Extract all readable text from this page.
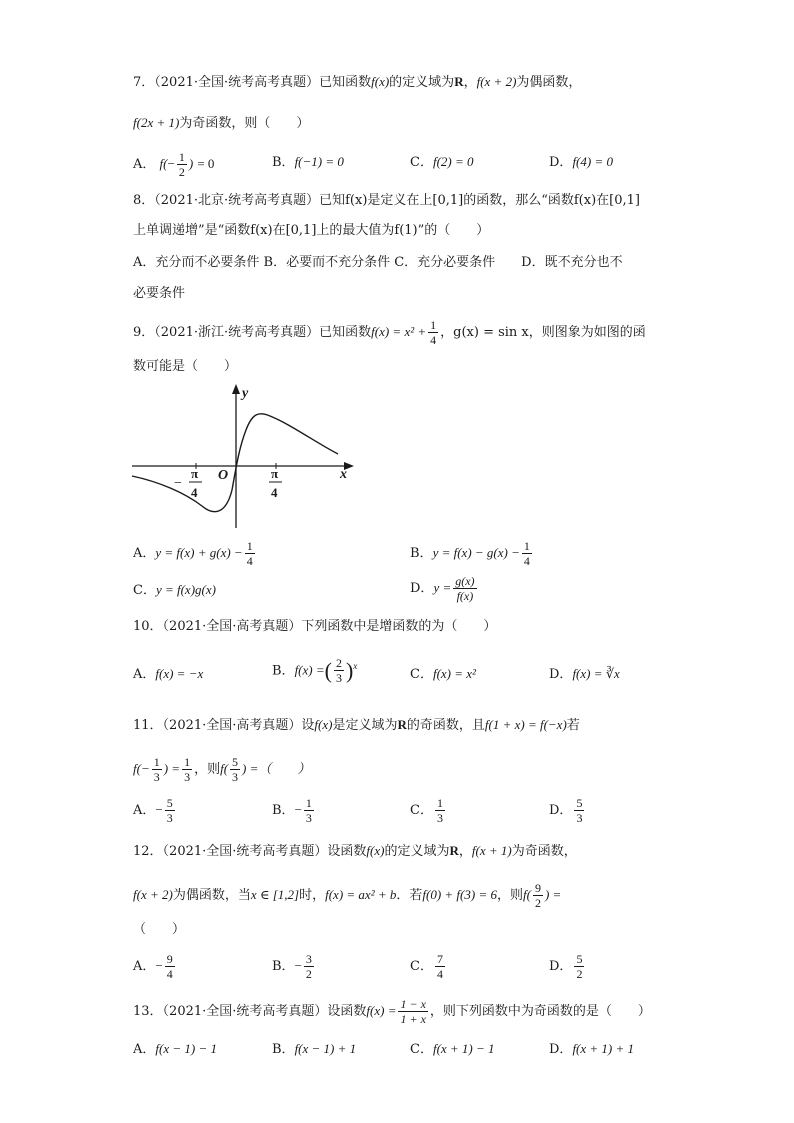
7．（2021·全国·统考高考真题）已知函数f(x)的定义域为R，f(x + 2)为偶函数，
f(2x + 1)为奇函数，则（　　）
A． $f(- \frac{1}{2}$ ) = 0	B．f(−1) = 0	C．f(2) = 0	D．f(4) = 0
8．（2021·北京·统考高考真题）已知f(x)是定义在上[0,1]的函数，那么“函数f(x)在[0,1]
上单调递增”是“函数f(x)在[0,1]上的最大值为f(1)”的（　　）
A．充分而不必要条件 B．必要而不充分条件 C．充分必要条件　　D．既不充分也不
必要条件
9．（2021·浙江·统考高考真题）已知函数$f(x) = x^2 + \frac{1}{4}$ ，g(x) = sin x，则图象为如图的函
数可能是（　　）
y
x
O
−
π
4
π
4
A．$y = f(x) + g(x) - \frac{1}{4}$	B．$y = f(x) - g(x) - \frac{1}{4}$
C．y = f(x)g(x)	D．$y = \frac{g(x)}{f(x)}$
10．（2021·全国·高考真题）下列函数中是增函数的为（　　）
A．f(x) = −x	B．f(x) =( $\frac{2}{3} )^x$
C．f(x) = x²	D．f(x) = ∛x
11．（2021·全国·高考真题）设f(x)是定义域为R的奇函数，且f(1 + x) = f(−x)若
$f(- \frac{1}{3}$ ) = $\frac{1}{3}$ ，则$f( \frac{5}{3}$ ) =（　　）
A．− $\frac{5}{3}$	B．− $\frac{1}{3}$	C． $\frac{1}{3}$	D． $\frac{5}{3}$
12．（2021·全国·统考高考真题）设函数f(x)的定义域为R，f(x + 1)为奇函数，
f(x + 2)为偶函数，当x ∈ [1,2]时，f(x) = ax² + b．若f(0) + f(3) = 6，则$f( \frac{9}{2}$ ) =
（　　）
A．− $\frac{9}{4}$	B．− $\frac{3}{2}$	C． $\frac{7}{4}$	D． $\frac{5}{2}$
13．（2021·全国·统考高考真题）设函数$f(x) = \frac{1 - x}{1 + x}$ ，则下列函数中为奇函数的是（　　）
A．f(x − 1) − 1	B．f(x − 1) + 1	C．f(x + 1) − 1	D．f(x + 1) + 1
